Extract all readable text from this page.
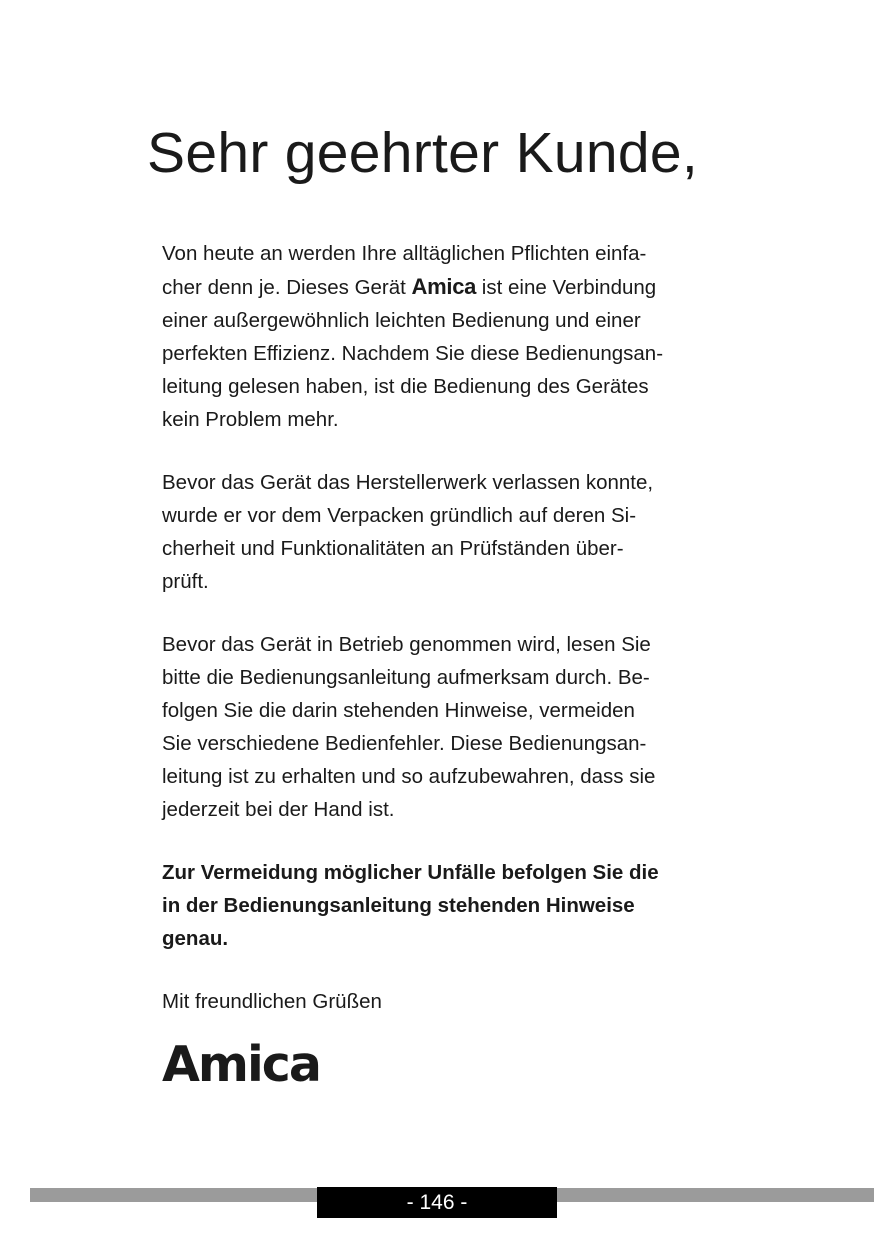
Sehr geehrter Kunde,

Von heute an werden Ihre alltäglichen Pflichten einfa-
cher denn je. Dieses Gerät Amica ist eine Verbindung
einer außergewöhnlich leichten Bedienung und einer
perfekten Effizienz. Nachdem Sie diese Bedienungsan-
leitung gelesen haben, ist die Bedienung des Gerätes
kein Problem mehr.

Bevor das Gerät das Herstellerwerk verlassen konnte,
wurde er vor dem Verpacken gründlich auf deren Si-
cherheit und Funktionalitäten an Prüfständen über-
prüft.

Bevor das Gerät in Betrieb genommen wird, lesen Sie
bitte die Bedienungsanleitung aufmerksam durch. Be-
folgen Sie die darin stehenden Hinweise, vermeiden
Sie verschiedene Bedienfehler. Diese Bedienungsan-
leitung ist zu erhalten und so aufzubewahren, dass sie
jederzeit bei der Hand ist.

Zur Vermeidung möglicher Unfälle befolgen Sie die
in der Bedienungsanleitung stehenden Hinweise
genau.

Mit freundlichen Grüßen

Amica
- 146 -
